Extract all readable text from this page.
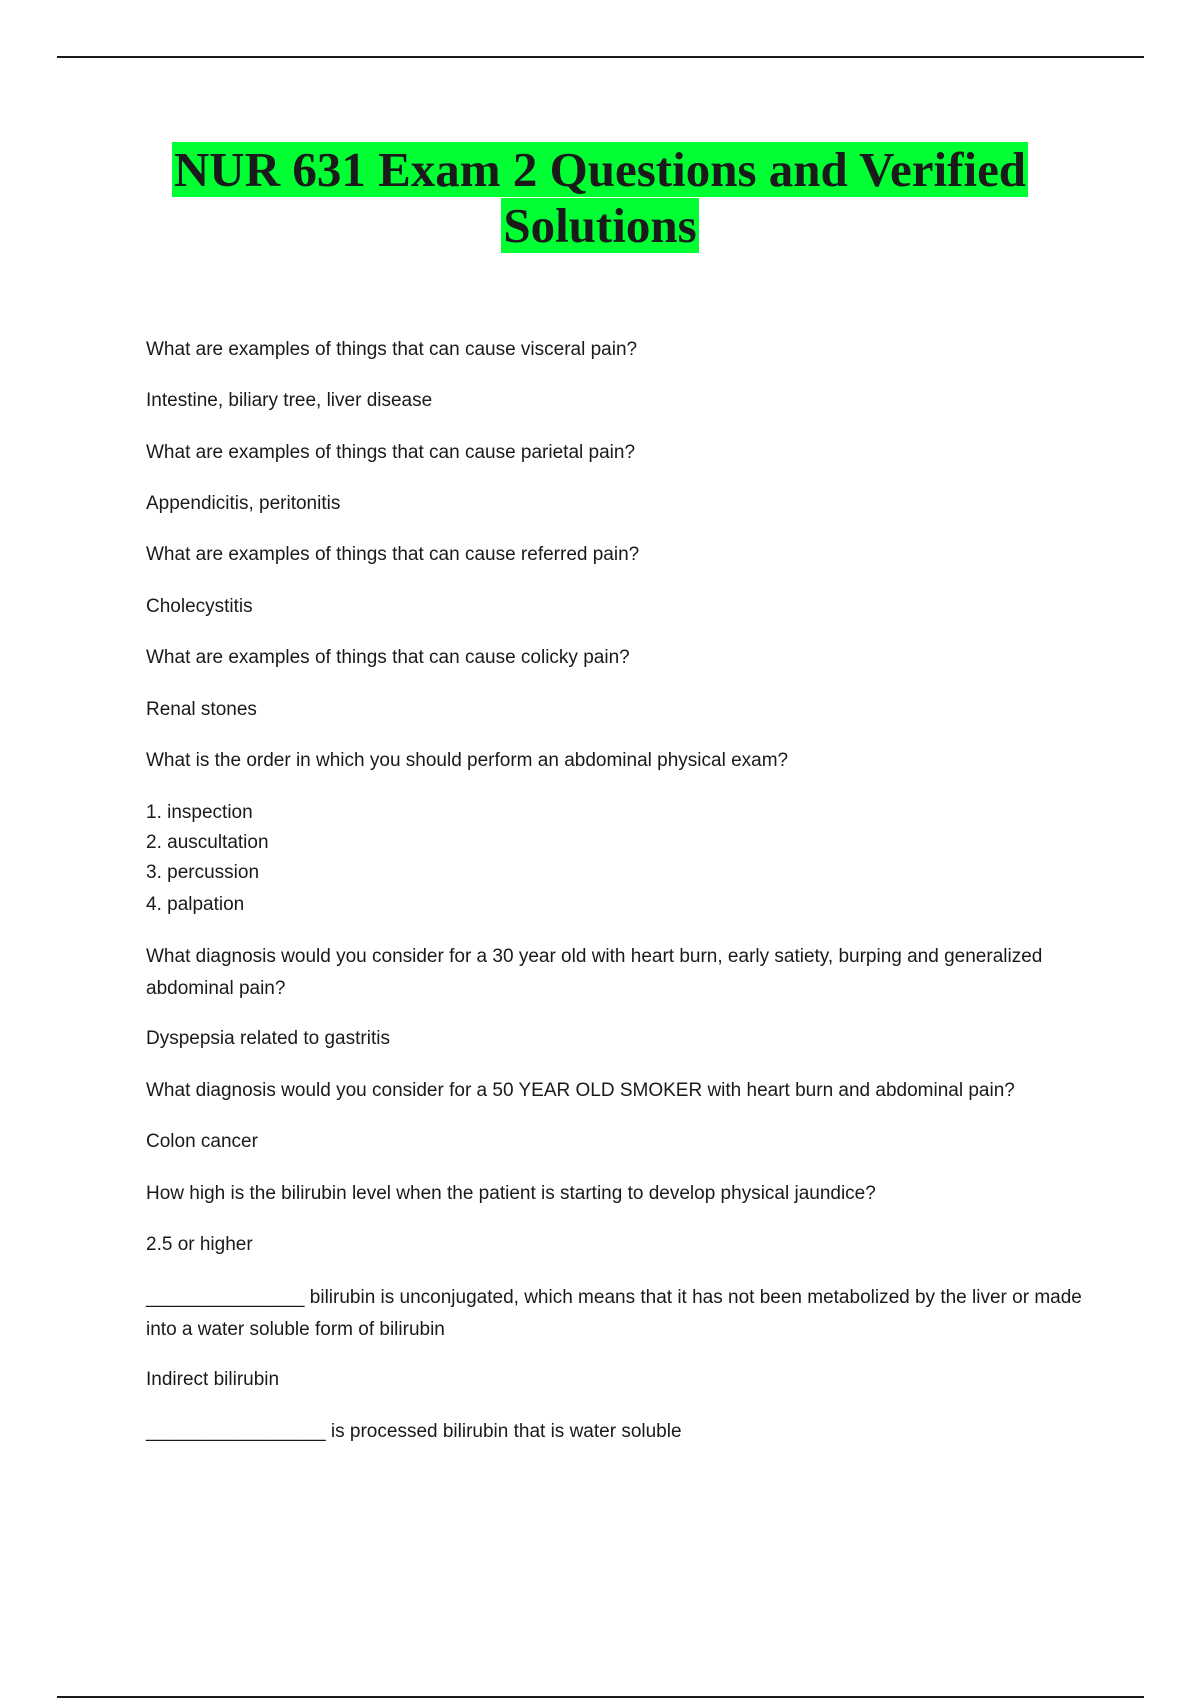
NUR 631 Exam 2 Questions and Verified
Solutions
What are examples of things that can cause visceral pain?
Intestine, biliary tree, liver disease
What are examples of things that can cause parietal pain?
Appendicitis, peritonitis
What are examples of things that can cause referred pain?
Cholecystitis
What are examples of things that can cause colicky pain?
Renal stones
What is the order in which you should perform an abdominal physical exam?
1. inspection
2. auscultation
3. percussion
4. palpation
What diagnosis would you consider for a 30 year old with heart burn, early satiety, burping and generalized abdominal pain?
Dyspepsia related to gastritis
What diagnosis would you consider for a 50 YEAR OLD SMOKER with heart burn and abdominal pain?
Colon cancer
How high is the bilirubin level when the patient is starting to develop physical jaundice?
2.5 or higher
_______________ bilirubin is unconjugated, which means that it has not been metabolized by the liver or made into a water soluble form of bilirubin
Indirect bilirubin
_________________ is processed bilirubin that is water soluble
